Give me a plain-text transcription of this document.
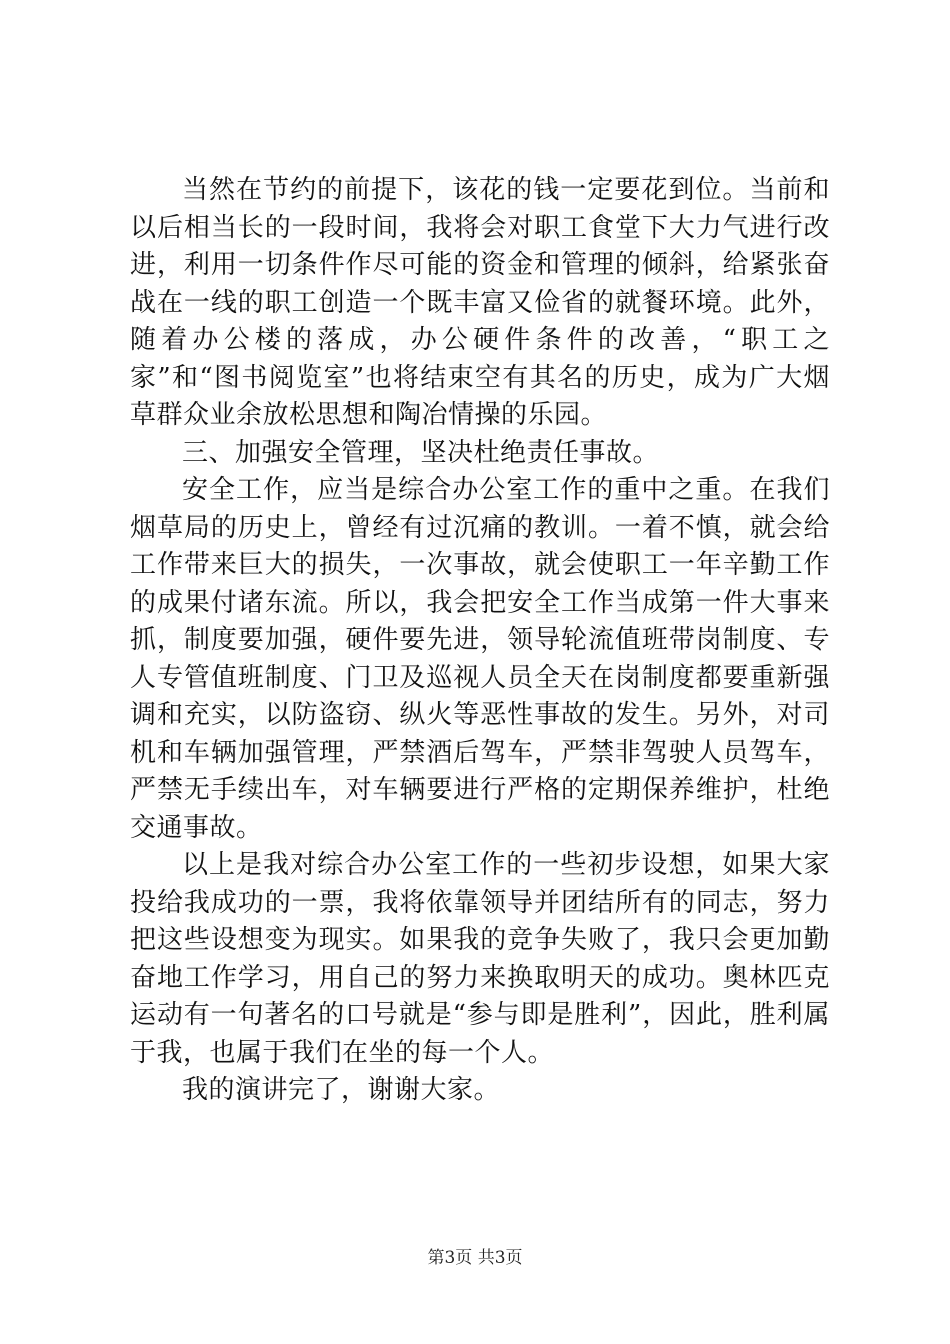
当然在节约的前提下，该花的钱一定要花到位。当前和以后相当长的一段时间，我将会对职工食堂下大力气进行改进，利用一切条件作尽可能的资金和管理的倾斜，给紧张奋战在一线的职工创造一个既丰富又俭省的就餐环境。此外，随着办公楼的落成，办公硬件条件的改善，“职工之家”和“图书阅览室”也将结束空有其名的历史，成为广大烟草群众业余放松思想和陶冶情操的乐园。

三、加强安全管理，坚决杜绝责任事故。

安全工作，应当是综合办公室工作的重中之重。在我们烟草局的历史上，曾经有过沉痛的教训。一着不慎，就会给工作带来巨大的损失，一次事故，就会使职工一年辛勤工作的成果付诸东流。所以，我会把安全工作当成第一件大事来抓，制度要加强，硬件要先进，领导轮流值班带岗制度、专人专管值班制度、门卫及巡视人员全天在岗制度都要重新强调和充实，以防盗窃、纵火等恶性事故的发生。另外，对司机和车辆加强管理，严禁酒后驾车，严禁非驾驶人员驾车，严禁无手续出车，对车辆要进行严格的定期保养维护，杜绝交通事故。

以上是我对综合办公室工作的一些初步设想，如果大家投给我成功的一票，我将依靠领导并团结所有的同志，努力把这些设想变为现实。如果我的竞争失败了，我只会更加勤奋地工作学习，用自己的努力来换取明天的成功。奥林匹克运动有一句著名的口号就是“参与即是胜利”，因此，胜利属于我，也属于我们在坐的每一个人。

我的演讲完了，谢谢大家。

第3页 共3页
